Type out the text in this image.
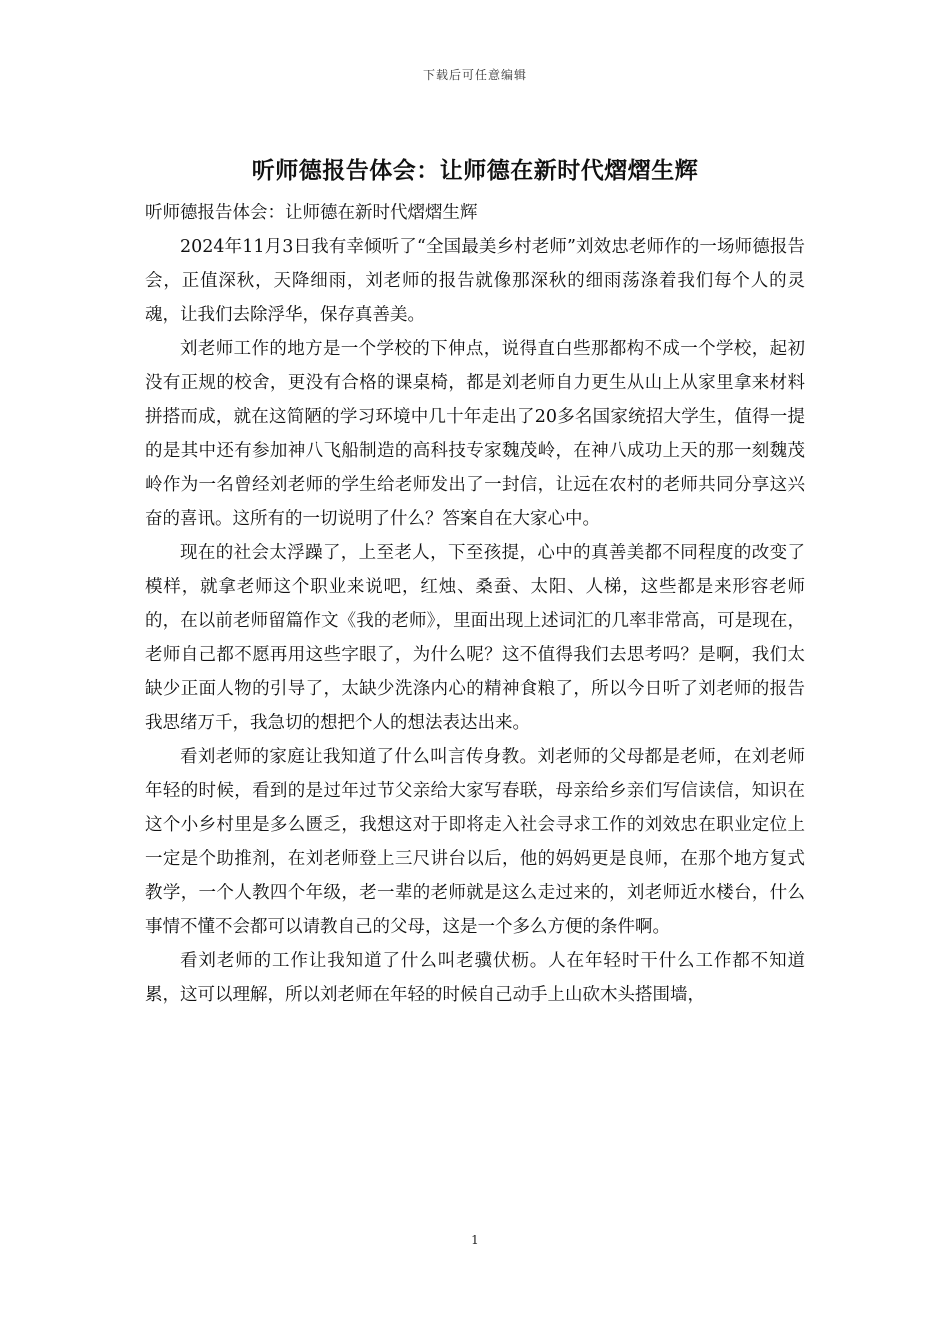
下载后可任意编辑
听师德报告体会：让师德在新时代熠熠生辉

听师德报告体会：让师德在新时代熠熠生辉

2024年11月3日我有幸倾听了“全国最美乡村老师”刘效忠老师作的一场师德报告会，正值深秋，天降细雨，刘老师的报告就像那深秋的细雨荡涤着我们每个人的灵魂，让我们去除浮华，保存真善美。

刘老师工作的地方是一个学校的下伸点，说得直白些那都构不成一个学校，起初没有正规的校舍，更没有合格的课桌椅，都是刘老师自力更生从山上从家里拿来材料拼搭而成，就在这简陋的学习环境中几十年走出了20多名国家统招大学生，值得一提的是其中还有参加神八飞船制造的高科技专家魏茂岭，在神八成功上天的那一刻魏茂岭作为一名曾经刘老师的学生给老师发出了一封信，让远在农村的老师共同分享这兴奋的喜讯。这所有的一切说明了什么？答案自在大家心中。

现在的社会太浮躁了，上至老人，下至孩提，心中的真善美都不同程度的改变了模样，就拿老师这个职业来说吧，红烛、桑蚕、太阳、人梯，这些都是来形容老师的，在以前老师留篇作文《我的老师》，里面出现上述词汇的几率非常高，可是现在，老师自己都不愿再用这些字眼了，为什么呢？这不值得我们去思考吗？是啊，我们太缺少正面人物的引导了，太缺少洗涤内心的精神食粮了，所以今日听了刘老师的报告我思绪万千，我急切的想把个人的想法表达出来。

看刘老师的家庭让我知道了什么叫言传身教。刘老师的父母都是老师，在刘老师年轻的时候，看到的是过年过节父亲给大家写春联，母亲给乡亲们写信读信，知识在这个小乡村里是多么匮乏，我想这对于即将走入社会寻求工作的刘效忠在职业定位上一定是个助推剂，在刘老师登上三尺讲台以后，他的妈妈更是良师，在那个地方复式教学，一个人教四个年级，老一辈的老师就是这么走过来的，刘老师近水楼台，什么事情不懂不会都可以请教自己的父母，这是一个多么方便的条件啊。

看刘老师的工作让我知道了什么叫老骥伏枥。人在年轻时干什么工作都不知道累，这可以理解，所以刘老师在年轻的时候自己动手上山砍木头搭围墙，

1
